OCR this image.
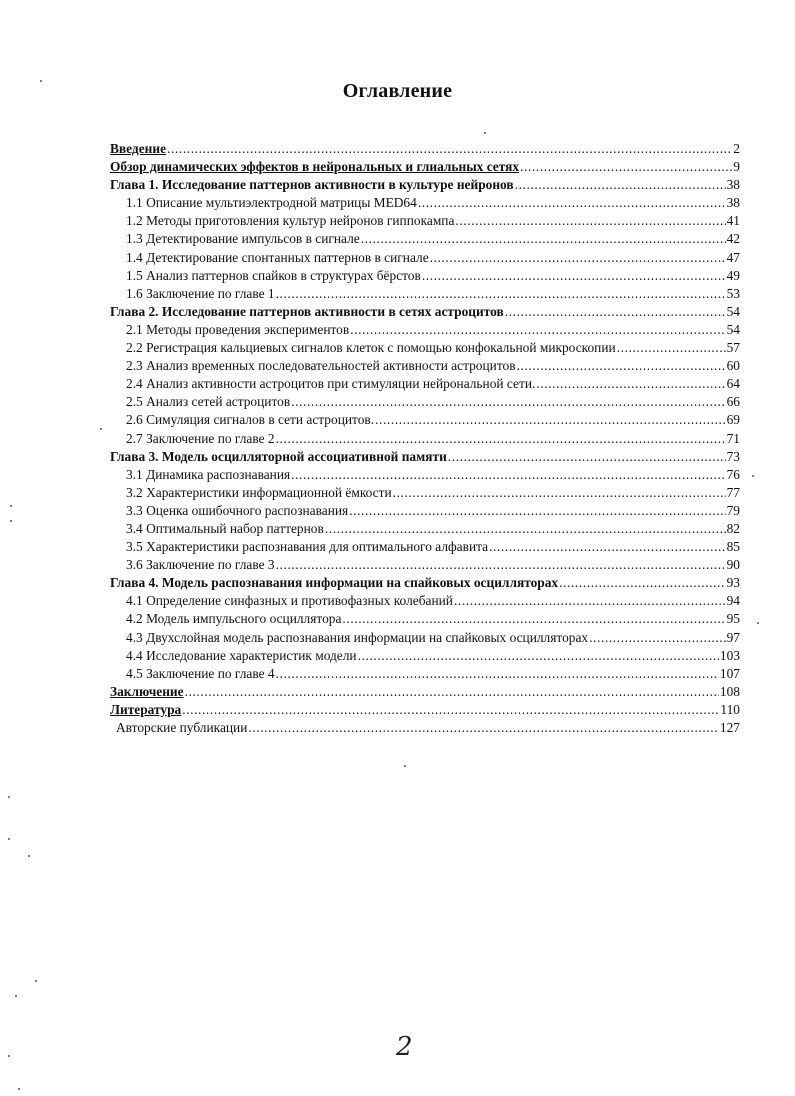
Оглавление
Введение .....	2
Обзор динамических эффектов в нейрональных и глиальных сетях .....	9
Глава 1. Исследование паттернов активности в культуре нейронов .....	38
1.1 Описание мультиэлектродной матрицы MED64 .....	38
1.2 Методы приготовления культур нейронов гиппокампа .....	41
1.3 Детектирование импульсов в сигнале .....	42
1.4 Детектирование спонтанных паттернов в сигнале .....	47
1.5 Анализ паттернов спайков в структурах бёрстов .....	49
1.6 Заключение по главе 1 .....	53
Глава 2. Исследование паттернов активности в сетях астроцитов .....	54
2.1 Методы проведения экспериментов .....	54
2.2 Регистрация кальциевых сигналов клеток с помощью конфокальной микроскопии .....	57
2.3 Анализ временных последовательностей активности астроцитов .....	60
2.4 Анализ активности астроцитов при стимуляции нейрональной сети. .....	64
2.5 Анализ сетей астроцитов .....	66
2.6 Симуляция сигналов в сети астроцитов. .....	69
2.7 Заключение по главе 2 .....	71
Глава 3. Модель осцилляторной ассоциативной памяти .....	73
3.1 Динамика распознавания .....	76
3.2 Характеристики информационной ёмкости .....	77
3.3 Оценка ошибочного распознавания .....	79
3.4 Оптимальный набор паттернов .....	82
3.5 Характеристики распознавания для оптимального алфавита .....	85
3.6 Заключение по главе 3 .....	90
Глава 4. Модель распознавания информации на спайковых осцилляторах .....	93
4.1 Определение синфазных и противофазных колебаний .....	94
4.2 Модель импульсного осциллятора .....	95
4.3 Двухслойная модель распознавания информации на спайковых осцилляторах .....	97
4.4 Исследование характеристик модели .....	103
4.5 Заключение по главе 4 .....	107
Заключение .....	108
Литература .....	110
Авторские публикации .....	127
2
